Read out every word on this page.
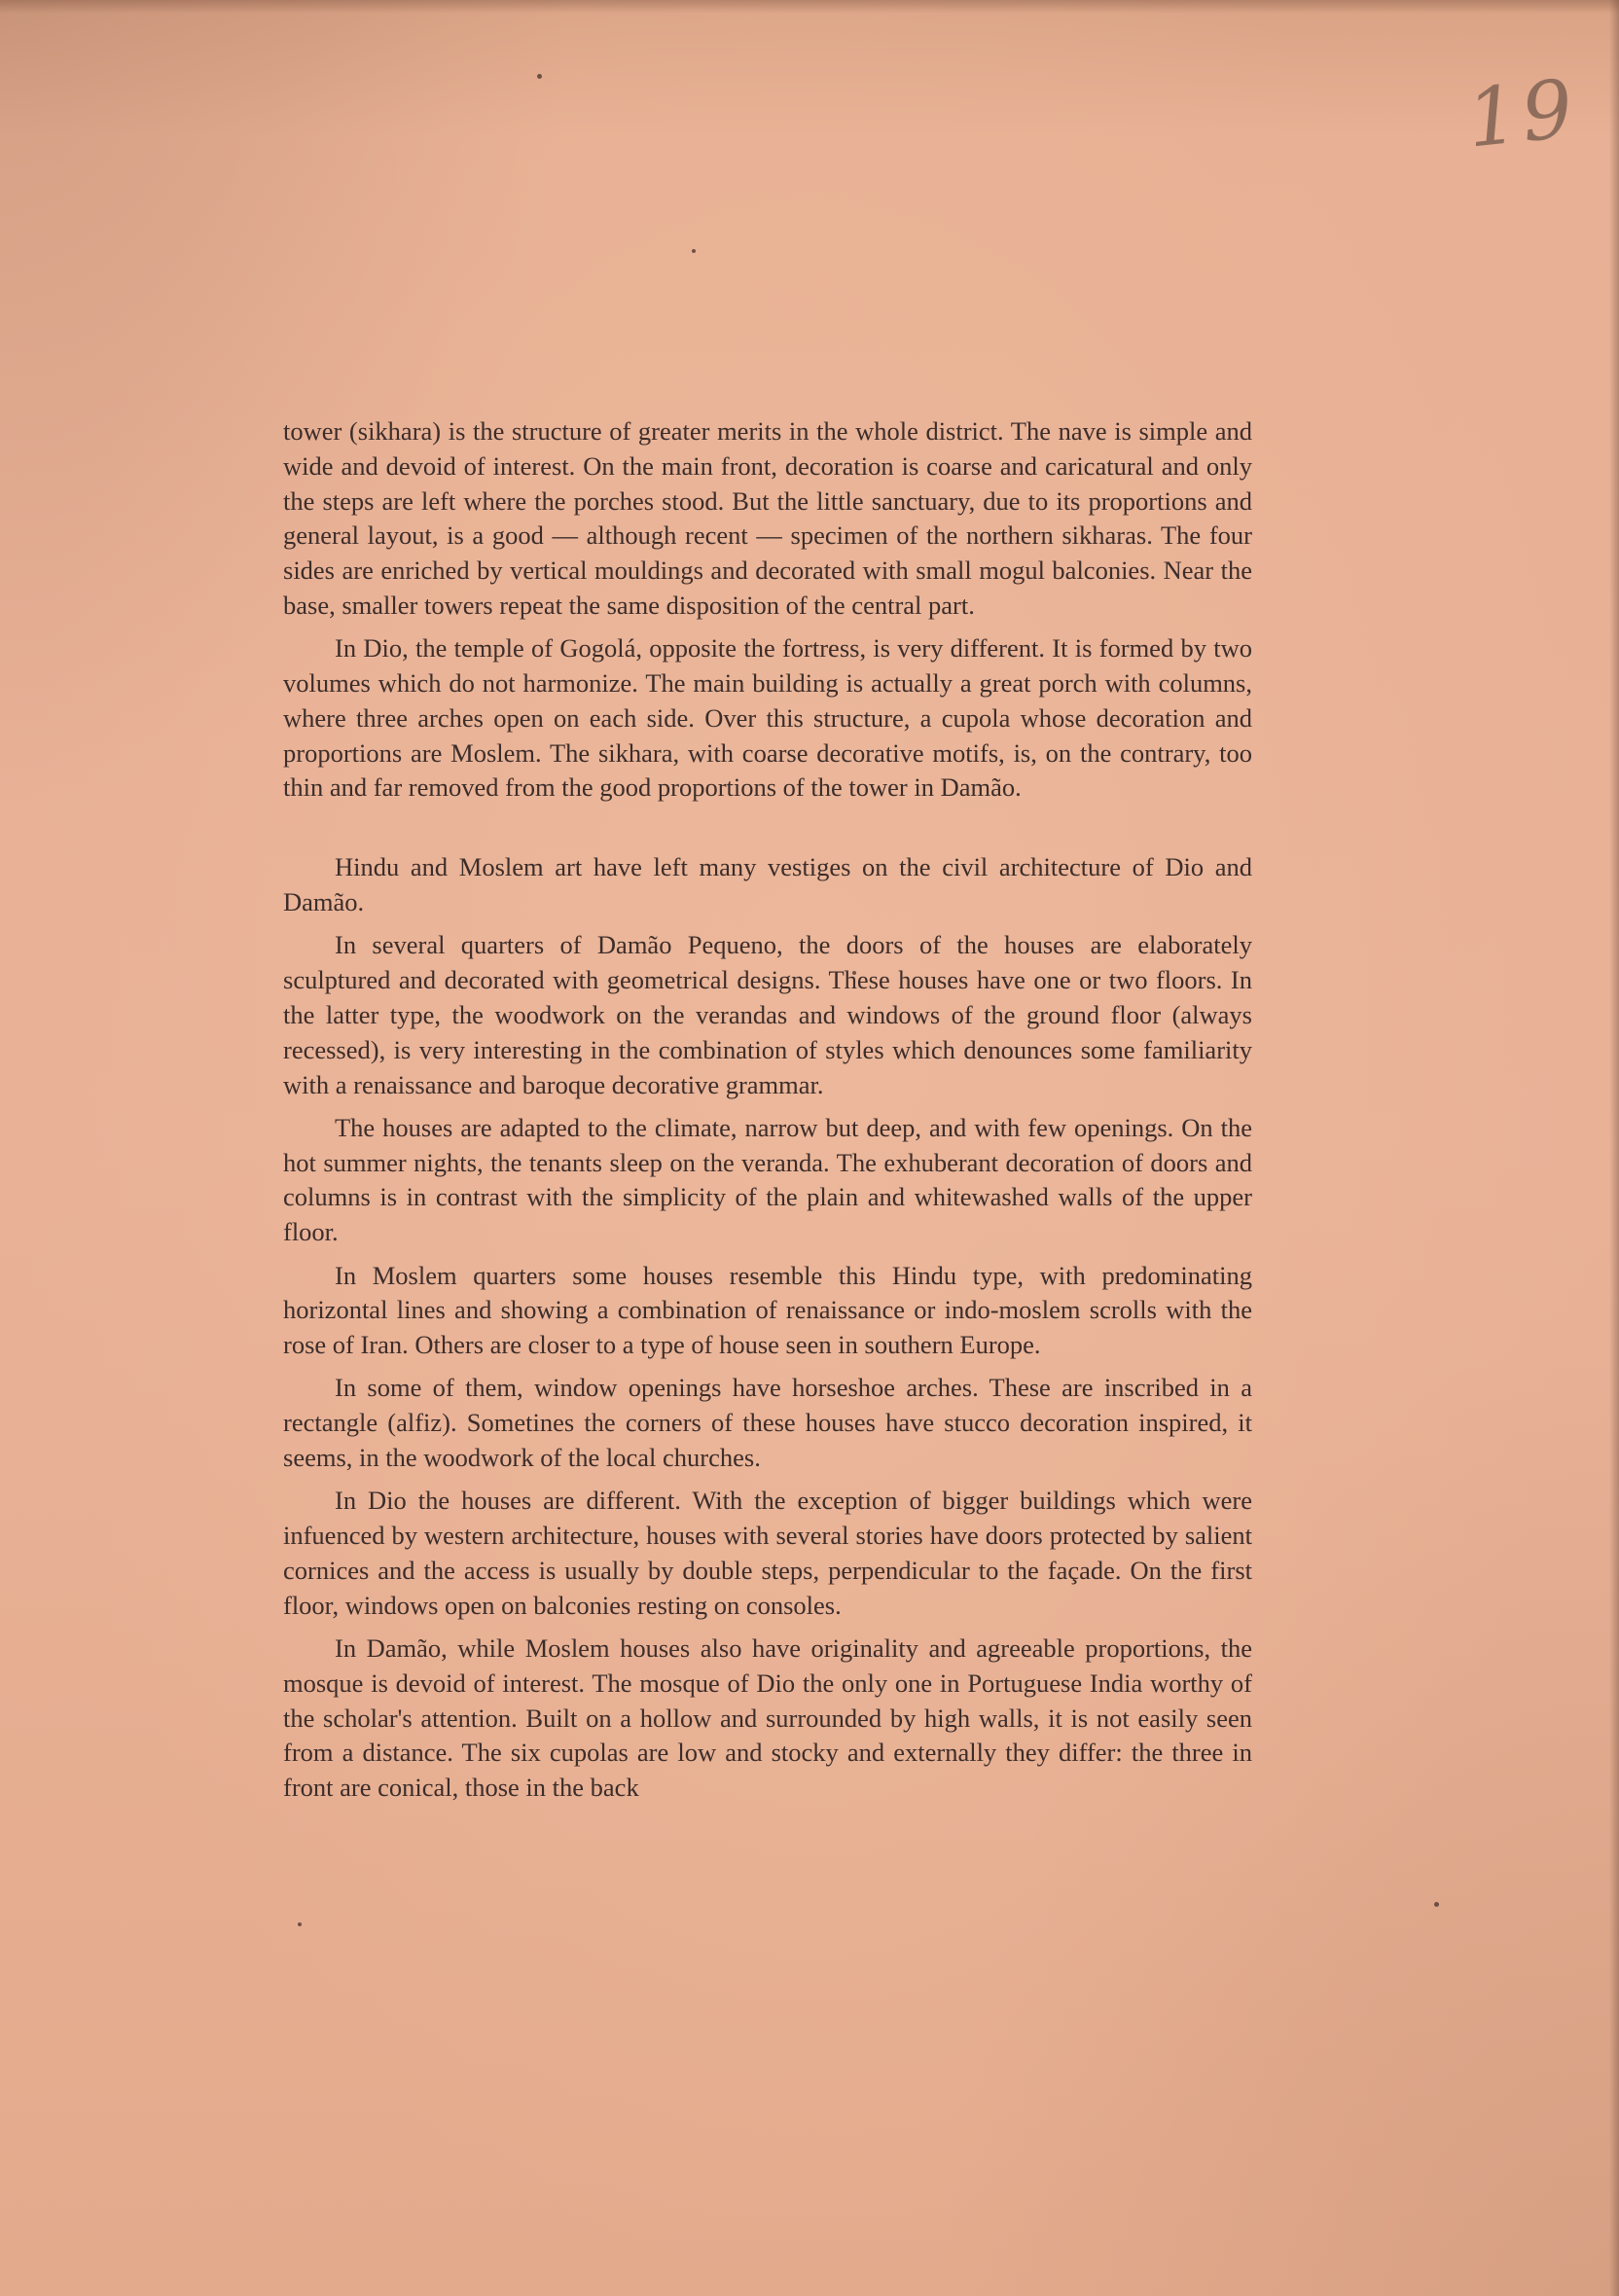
19

tower (sikhara) is the structure of greater merits in the whole district. The nave is simple and wide and devoid of interest. On the main front, decoration is coarse and caricatural and only the steps are left where the porches stood. But the little sanctuary, due to its proportions and general layout, is a good — although recent — specimen of the northern sikharas. The four sides are enriched by vertical mouldings and decorated with small mogul balconies. Near the base, smaller towers repeat the same disposition of the central part.

In Dio, the temple of Gogolá, opposite the fortress, is very different. It is formed by two volumes which do not harmonize. The main building is actually a great porch with columns, where three arches open on each side. Over this structure, a cupola whose decoration and proportions are Moslem. The sikhara, with coarse decorative motifs, is, on the contrary, too thin and far removed from the good proportions of the tower in Damão.

Hindu and Moslem art have left many vestiges on the civil architecture of Dio and Damão.

In several quarters of Damão Pequeno, the doors of the houses are elaborately sculptured and decorated with geometrical designs. These houses have one or two floors. In the latter type, the woodwork on the verandas and windows of the ground floor (always recessed), is very interesting in the combination of styles which denounces some familiarity with a renaissance and baroque decorative grammar.

The houses are adapted to the climate, narrow but deep, and with few openings. On the hot summer nights, the tenants sleep on the veranda. The exhuberant decoration of doors and columns is in contrast with the simplicity of the plain and whitewashed walls of the upper floor.

In Moslem quarters some houses resemble this Hindu type, with predominating horizontal lines and showing a combination of renaissance or indo-moslem scrolls with the rose of Iran. Others are closer to a type of house seen in southern Europe.

In some of them, window openings have horseshoe arches. These are inscribed in a rectangle (alfiz). Sometines the corners of these houses have stucco decoration inspired, it seems, in the woodwork of the local churches.

In Dio the houses are different. With the exception of bigger buildings which were infuenced by western architecture, houses with several stories have doors protected by salient cornices and the access is usually by double steps, perpendicular to the façade. On the first floor, windows open on balconies resting on consoles.

In Damão, while Moslem houses also have originality and agreeable proportions, the mosque is devoid of interest. The mosque of Dio the only one in Portuguese India worthy of the scholar's attention. Built on a hollow and surrounded by high walls, it is not easily seen from a distance. The six cupolas are low and stocky and externally they differ: the three in front are conical, those in the back
